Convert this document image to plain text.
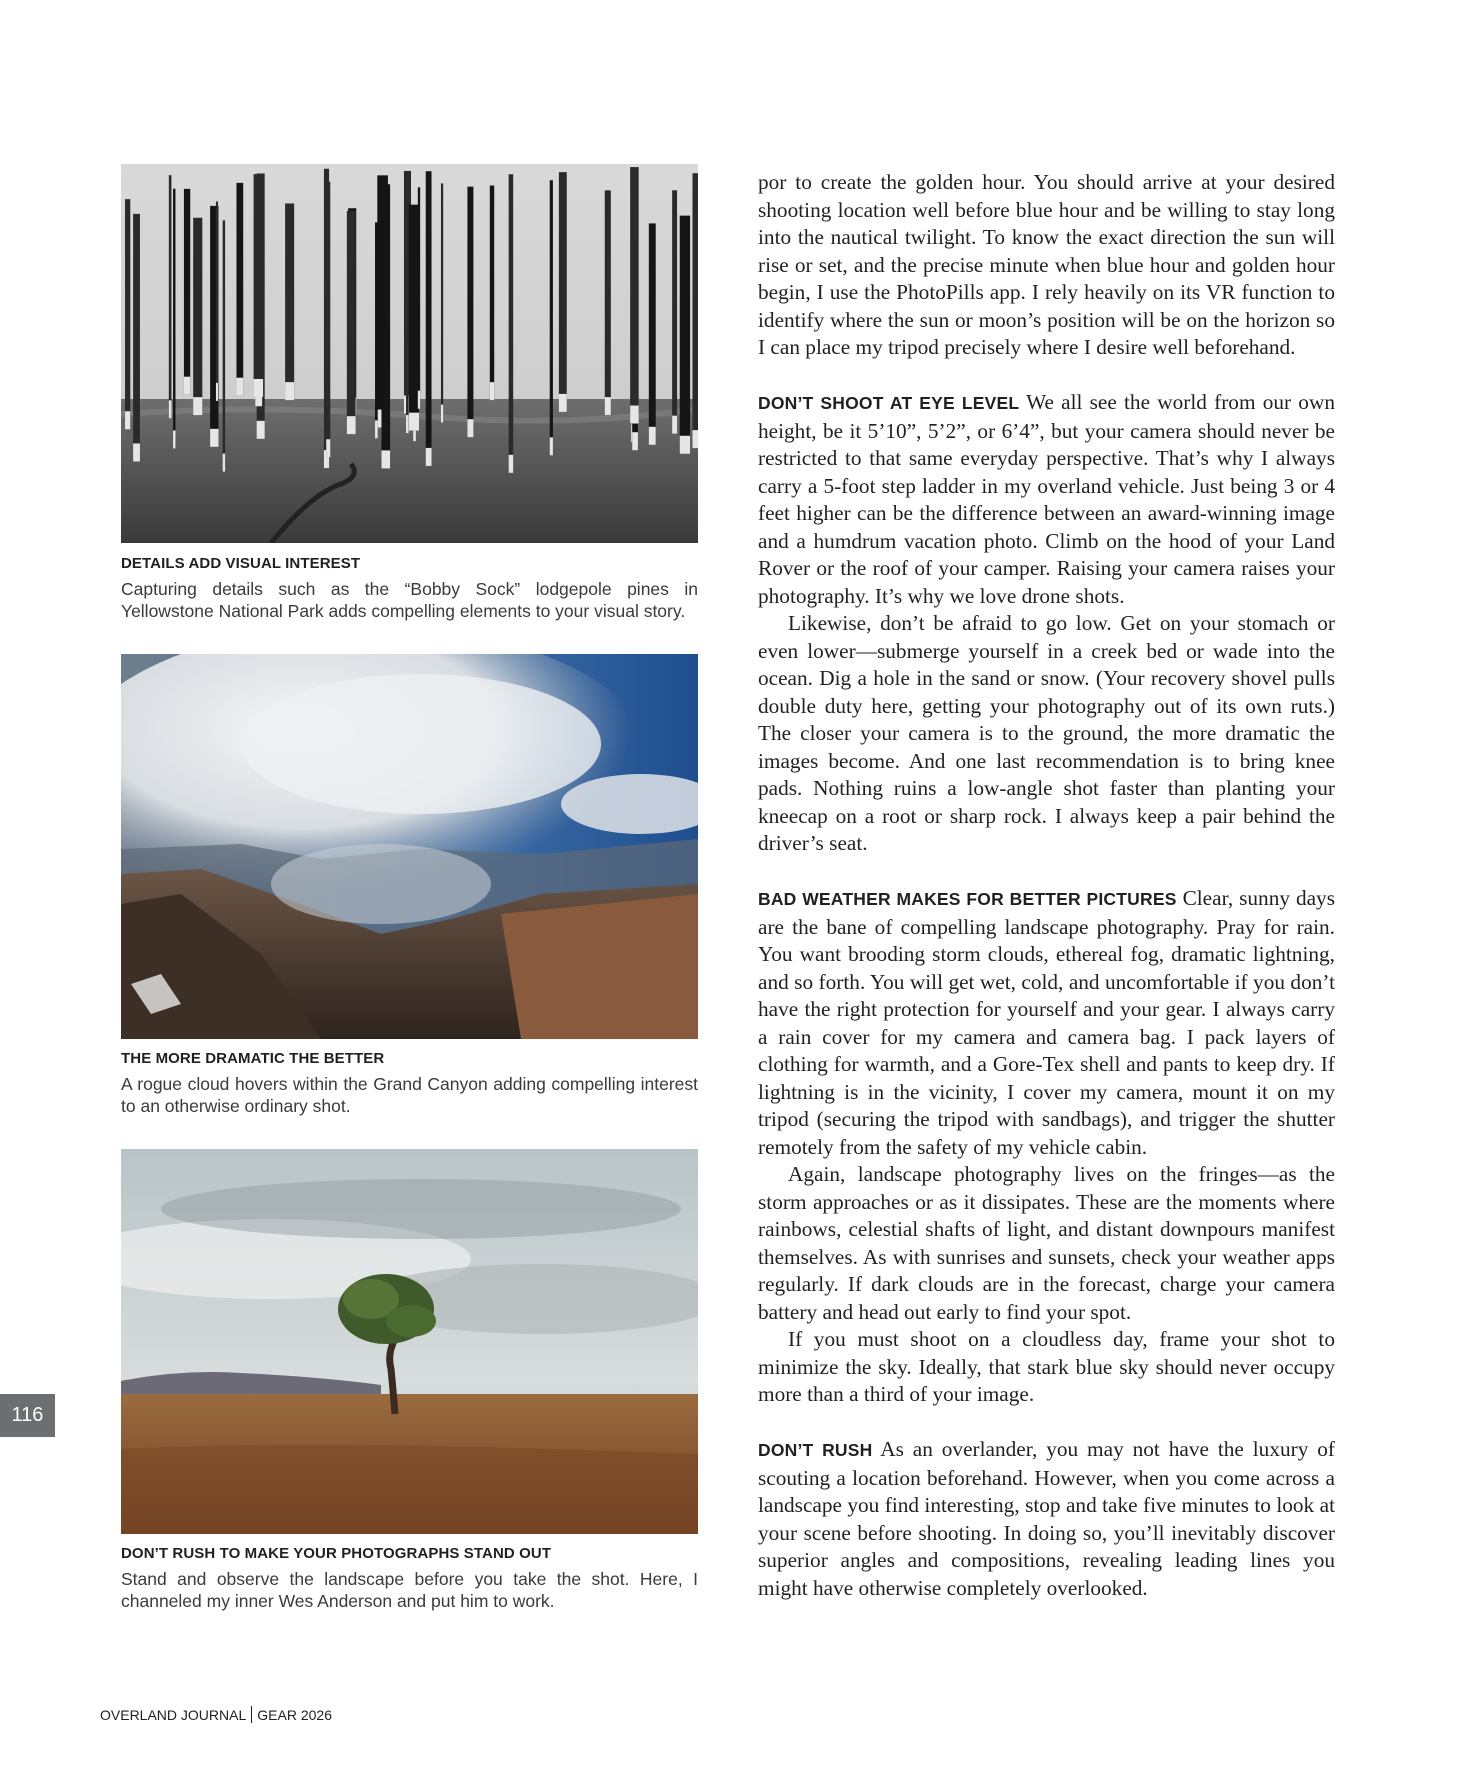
DETAILS ADD VISUAL INTEREST

Capturing details such as the “Bobby Sock” lodgepole pines in Yellowstone National Park adds compelling elements to your visual story.

THE MORE DRAMATIC THE BETTER

A rogue cloud hovers within the Grand Canyon adding compelling interest to an otherwise ordinary shot.

DON’T RUSH TO MAKE YOUR PHOTOGRAPHS STAND OUT

Stand and observe the landscape before you take the shot. Here, I channeled my inner Wes Anderson and put him to work.

por to create the golden hour. You should arrive at your desired shooting location well before blue hour and be willing to stay long into the nautical twilight. To know the exact direction the sun will rise or set, and the precise minute when blue hour and golden hour begin, I use the PhotoPills app. I rely heavily on its VR function to identify where the sun or moon’s position will be on the horizon so I can place my tripod precisely where I desire well beforehand.

DON’T SHOOT AT EYE LEVEL We all see the world from our own height, be it 5’10”, 5’2”, or 6’4”, but your camera should never be restricted to that same everyday perspective. That’s why I always carry a 5-foot step ladder in my overland vehicle. Just being 3 or 4 feet higher can be the difference between an award-winning image and a humdrum vacation photo. Climb on the hood of your Land Rover or the roof of your camper. Raising your camera raises your photography. It’s why we love drone shots.

Likewise, don’t be afraid to go low. Get on your stomach or even lower—submerge yourself in a creek bed or wade into the ocean. Dig a hole in the sand or snow. (Your recovery shovel pulls double duty here, getting your photography out of its own ruts.) The closer your camera is to the ground, the more dramatic the images become. And one last recommendation is to bring knee pads. Nothing ruins a low-angle shot faster than planting your kneecap on a root or sharp rock. I always keep a pair behind the driver’s seat.

BAD WEATHER MAKES FOR BETTER PICTURES Clear, sunny days are the bane of compelling landscape photography. Pray for rain. You want brooding storm clouds, ethereal fog, dramatic lightning, and so forth. You will get wet, cold, and uncomfortable if you don’t have the right protection for yourself and your gear. I always carry a rain cover for my camera and camera bag. I pack layers of clothing for warmth, and a Gore-Tex shell and pants to keep dry. If lightning is in the vicinity, I cover my camera, mount it on my tripod (securing the tripod with sandbags), and trigger the shutter remotely from the safety of my vehicle cabin.

Again, landscape photography lives on the fringes—as the storm approaches or as it dissipates. These are the moments where rainbows, celestial shafts of light, and distant downpours manifest themselves. As with sunrises and sunsets, check your weather apps regularly. If dark clouds are in the forecast, charge your camera battery and head out early to find your spot.

If you must shoot on a cloudless day, frame your shot to minimize the sky. Ideally, that stark blue sky should never occupy more than a third of your image.

DON’T RUSH As an overlander, you may not have the luxury of scouting a location beforehand. However, when you come across a landscape you find interesting, stop and take five minutes to look at your scene before shooting. In doing so, you’ll inevitably discover superior angles and compositions, revealing leading lines you might have otherwise completely overlooked.

116
OVERLAND JOURNAL GEAR 2026
